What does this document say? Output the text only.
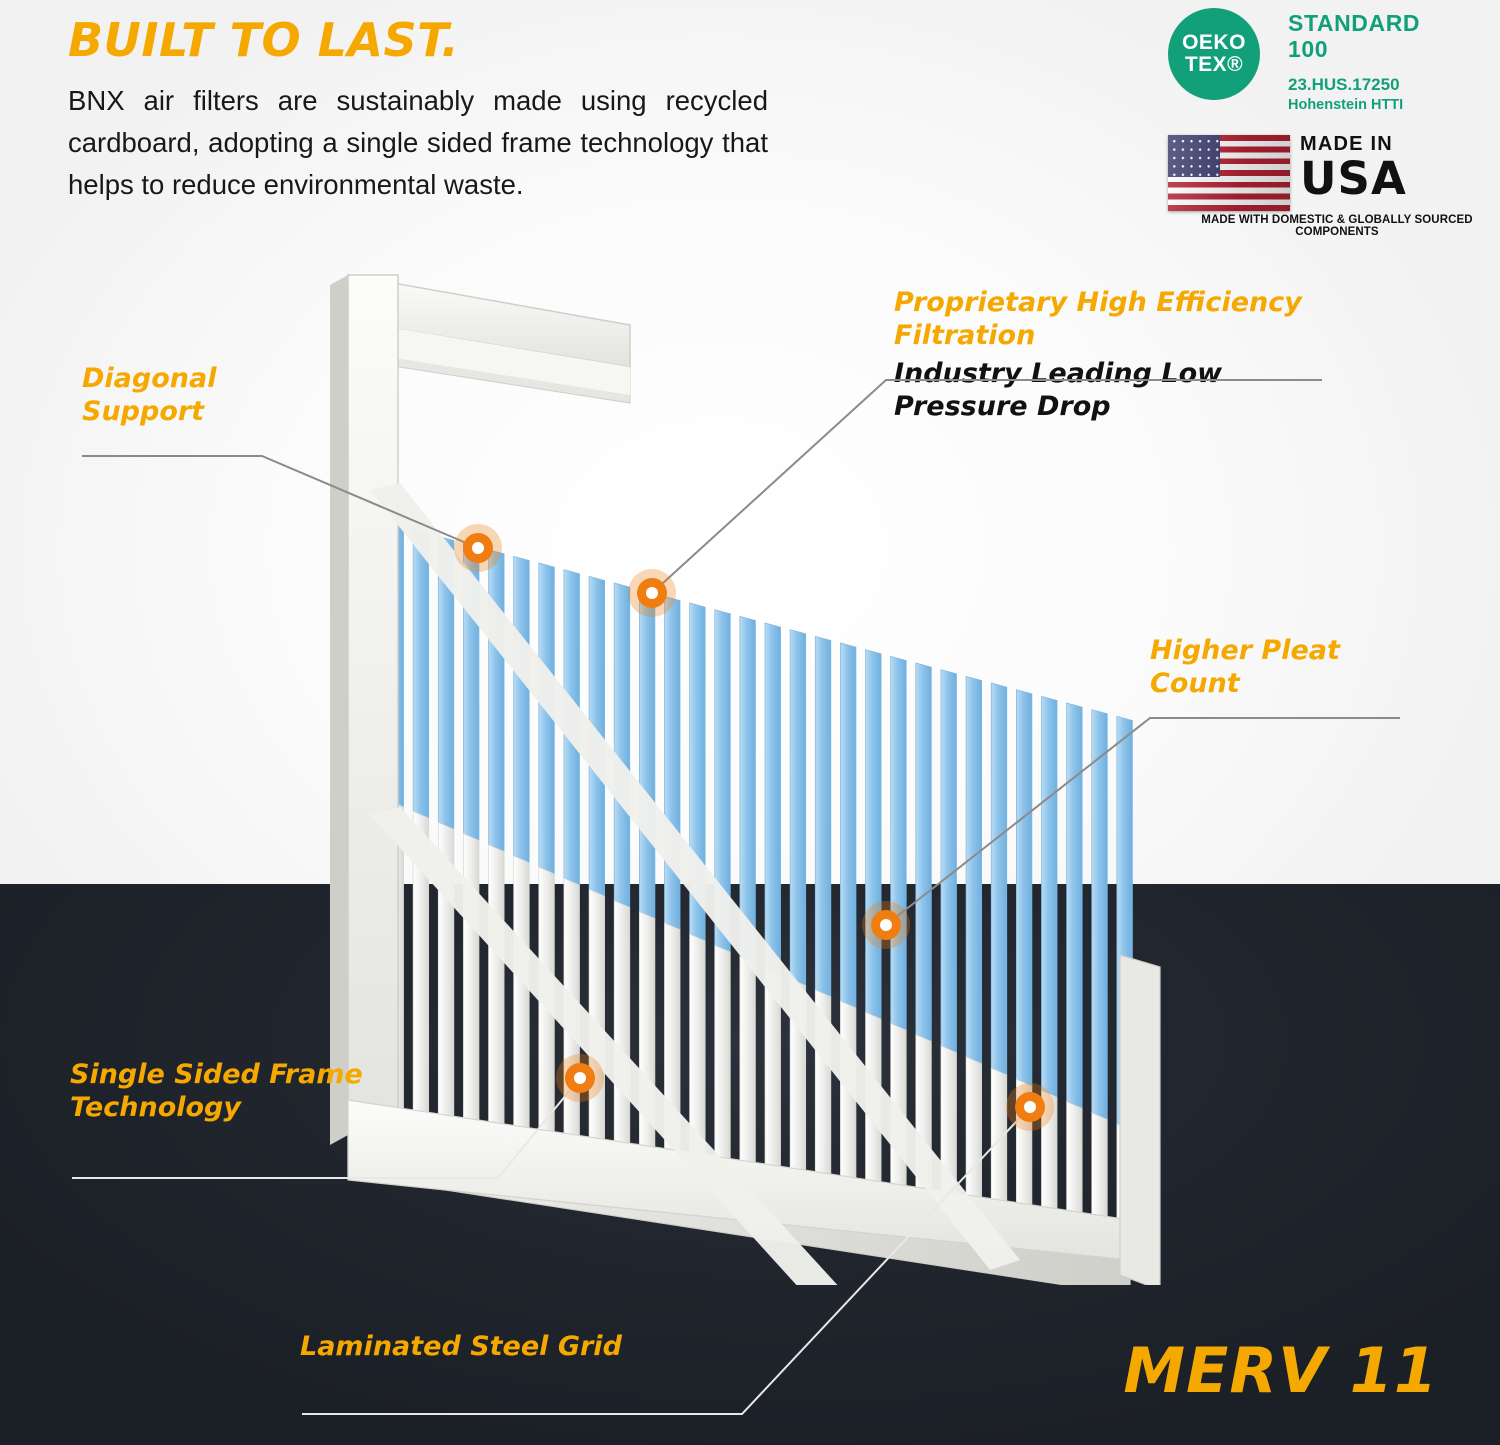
BUILT TO LAST.

BNX air filters are sustainably made using recycled cardboard, adopting a single sided frame technology that helps to reduce environmental waste.

OEKO
TEX®
STANDARD
100
23.HUS.17250
Hohenstein HTTI
MADE IN
USA
MADE WITH DOMESTIC & GLOBALLY SOURCED COMPONENTS
Diagonal Support
Proprietary High Efficiency Filtration
Industry Leading Low Pressure Drop
Higher Pleat Count
Single Sided Frame Technology
Laminated Steel Grid	MERV 11
